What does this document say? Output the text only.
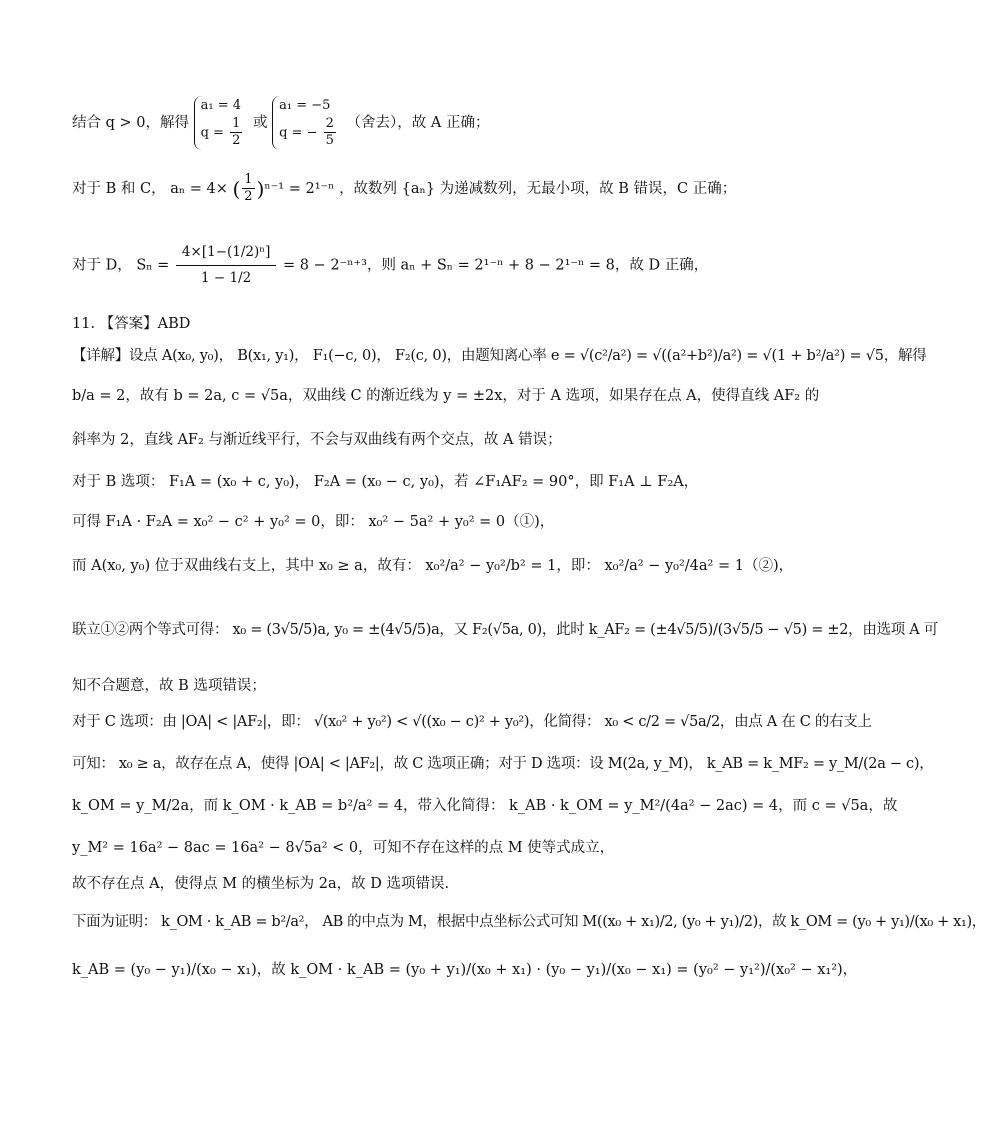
结合 q > 0，解得
a₁ = 4
$q = \frac{1}{2}$ 或
a₁ = −5
q = − $\frac{2}{5}$ （舍去），故 A 正确；
对于 B 和 C， aₙ = 4× ( $\frac{1}{2} )^{n-1} = 2^{1-n}$ ，故数列 {aₙ} 为递减数列，无最小项，故 B 错误，C 正确；
对于 D， $S_n = \frac{\text{4×[1−(1/2)ⁿ]}}{1 - 1/2} = 8 - 2^{-n+3}$，则 aₙ + Sₙ = 2¹⁻ⁿ + 8 − 2¹⁻ⁿ = 8，故 D 正确，
11. 【答案】ABD
【详解】设点 A(x₀, y₀)， B(x₁, y₁)， F₁(−c, 0)， F₂(c, 0)，由题知离心率 e = √(c²/a²) = √((a²+b²)/a²) = √(1 + b²/a²) = √5，解得
b/a = 2，故有 b = 2a, c = √5a，双曲线 C 的渐近线为 y = ±2x，对于 A 选项，如果存在点 A，使得直线 AF₂ 的
斜率为 2，直线 AF₂ 与渐近线平行，不会与双曲线有两个交点，故 A 错误；
对于 B 选项： F₁A = (x₀ + c, y₀)， F₂A = (x₀ − c, y₀)，若 ∠F₁AF₂ = 90°，即 F₁A ⊥ F₂A，
可得 F₁A · F₂A = x₀² − c² + y₀² = 0，即： x₀² − 5a² + y₀² = 0（①)，
而 A(x₀, y₀) 位于双曲线右支上，其中 x₀ ≥ a，故有： x₀²/a² − y₀²/b² = 1，即： x₀²/a² − y₀²/4a² = 1（②)，
联立①②两个等式可得： x₀ = (3√5/5)a, y₀ = ±(4√5/5)a，又 F₂(√5a, 0)，此时 k_AF₂ = (±4√5/5)/(3√5/5 − √5) = ±2，由选项 A 可
知不合题意，故 B 选项错误；
对于 C 选项：由 |OA| < |AF₂|，即： √(x₀² + y₀²) < √((x₀ − c)² + y₀²)，化简得： x₀ < c/2 = √5a/2，由点 A 在 C 的右支上
可知： x₀ ≥ a，故存在点 A，使得 |OA| < |AF₂|，故 C 选项正确；对于 D 选项：设 M(2a, y_M)， k_AB = k_MF₂ = y_M/(2a − c)，
k_OM = y_M/2a，而 k_OM · k_AB = b²/a² = 4，带入化简得： k_AB · k_OM = y_M²/(4a² − 2ac) = 4，而 c = √5a，故
y_M² = 16a² − 8ac = 16a² − 8√5a² < 0，可知不存在这样的点 M 使等式成立，
故不存在点 A，使得点 M 的横坐标为 2a，故 D 选项错误.
下面为证明： k_OM · k_AB = b²/a²， AB 的中点为 M，根据中点坐标公式可知 M((x₀ + x₁)/2, (y₀ + y₁)/2)，故 k_OM = (y₀ + y₁)/(x₀ + x₁)，
k_AB = (y₀ − y₁)/(x₀ − x₁)，故 k_OM · k_AB = (y₀ + y₁)/(x₀ + x₁) · (y₀ − y₁)/(x₀ − x₁) = (y₀² − y₁²)/(x₀² − x₁²)，
